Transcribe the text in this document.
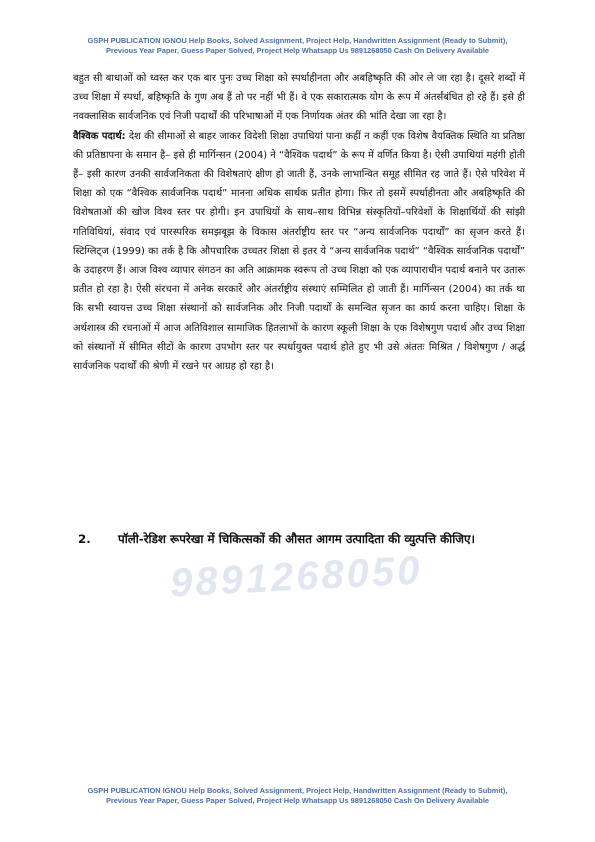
GSPH PUBLICATION IGNOU Help Books, Solved Assignment, Project Help, Handwritten Assignment (Ready to Submit),
Previous Year Paper, Guess Paper Solved, Project Help Whatsapp Us 9891268050 Cash On Delivery Available

बहुत सी बाधाओं को ध्वस्त कर एक बार पुनः उच्च शिक्षा को स्पर्धाहीनता और अबहिष्कृति की ओर ले जा रहा है। दूसरे शब्दों में उच्च शिक्षा में स्पर्धा, बहिष्कृति के गुण अब हैं तो पर नहीं भी हैं। वे एक सकारात्मक योग के रूप में अंतर्संबंधित हो रहे हैं। इसे ही नवक्लासिक सार्वजनिक एवं निजी पदार्थों की परिभाषाओं में एक निर्णायक अंतर की भांति देखा जा रहा है।

वैश्विक पदार्थ: देश की सीमाओं से बाहर जाकर विदेशी शिक्षा उपाधियां पाना कहीं न कहीं एक विशेष वैयक्तिक स्थिति या प्रतिष्ठा की प्रतिष्ठापना के समान है– इसे ही मार्गिन्सन (2004) ने “वैश्विक पदार्थ” के रूप में वर्णित किया है। ऐसी उपाधियां महंगी होती हैं– इसी कारण उनकी सार्वजनिकता की विशेषताएं क्षीण हो जाती हैं, उनके लाभान्वित समूह सीमित रह जाते हैं। ऐसे परिवेश में शिक्षा को एक “वैश्विक सार्वजनिक पदार्थ” मानना अधिक सार्थक प्रतीत होगा। फिर तो इसमें स्पर्धाहीनता और अबहिष्कृति की विशेषताओं की खोज विश्व स्तर पर होगी। इन उपाधियों के साथ–साथ विभिन्न संस्कृतियों–परिवेशों के शिक्षार्थियों की सांझी गतिविधियां, संवाद एवं पारस्परिक समझबूझ के विकास अंतर्राष्ट्रीय स्तर पर “अन्य सार्वजनिक पदार्थों” का सृजन करते हैं। स्टिग्लिट्ज (1999) का तर्क है कि औपचारिक उच्चतर शिक्षा से इतर ये “अन्य सार्वजनिक पदार्थ” “वैश्विक सार्वजनिक पदार्थों” के उदाहरण हैं। आज विश्व व्यापार संगठन का अति आक्रामक स्वरूप तो उच्च शिक्षा को एक व्यापाराधीन पदार्थ बनाने पर उतारू प्रतीत हो रहा है। ऐसी संरचना में अनेक सरकारें और अंतर्राष्ट्रीय संस्थाएं सम्मिलित हो जाती हैं। मार्गिन्सन (2004) का तर्क था कि सभी स्वायत्त उच्च शिक्षा संस्थानों को सार्वजनिक और निजी पदार्थों के समन्वित सृजन का कार्य करना चाहिए। शिक्षा के अर्थशास्त्र की रचनाओं में आज अतिविशाल सामाजिक हितलाभों के कारण स्कूली शिक्षा के एक विशेषगुण पदार्थ और उच्च शिक्षा को संस्थानों में सीमित सीटों के कारण उपभोग स्तर पर स्पर्धायुक्त पदार्थ होते हुए भी उसे अंततः मिश्रित / विशेषगुण / अर्द्ध सार्वजनिक पदार्थों की श्रेणी में रखने पर आग्रह हो रहा है।

9891268050
2. पॉली-रेडिश रूपरेखा में चिकित्सकों की औसत आगम उत्पादिता की व्युत्पत्ति कीजिए।
GSPH PUBLICATION IGNOU Help Books, Solved Assignment, Project Help, Handwritten Assignment (Ready to Submit),
Previous Year Paper, Guess Paper Solved, Project Help Whatsapp Us 9891268050 Cash On Delivery Available
